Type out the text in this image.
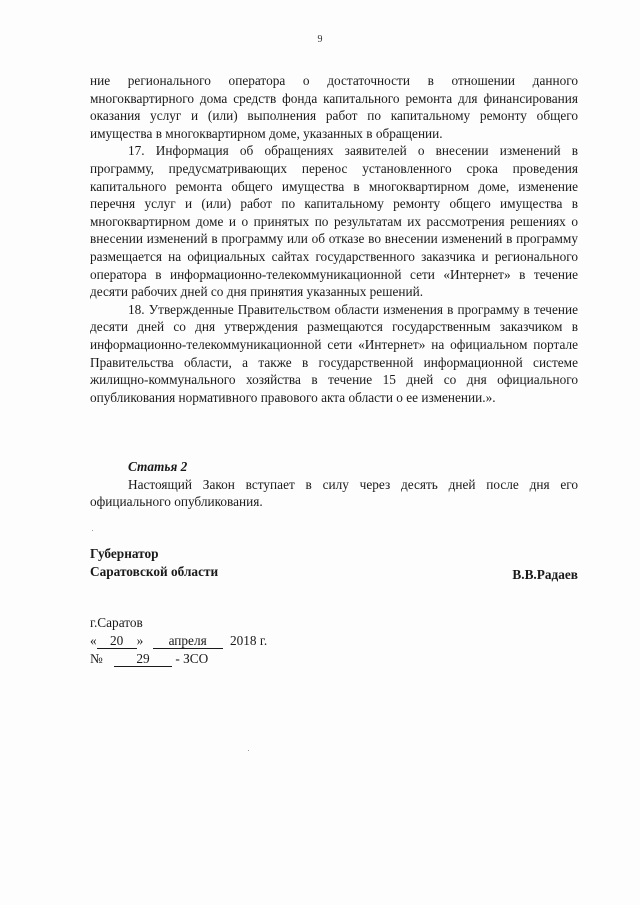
9

ние регионального оператора о достаточности в отношении данного многоквартирного дома средств фонда капитального ремонта для финансирования оказания услуг и (или) выполнения работ по капитальному ремонту общего имущества в многоквартирном доме, указанных в обращении.

17. Информация об обращениях заявителей о внесении изменений в программу, предусматривающих перенос установленного срока проведения капитального ремонта общего имущества в многоквартирном доме, изменение перечня услуг и (или) работ по капитальному ремонту общего имущества в многоквартирном доме и о принятых по результатам их рассмотрения решениях о внесении изменений в программу или об отказе во внесении изменений в программу размещается на официальных сайтах государственного заказчика и регионального оператора в информационно-телекоммуникационной сети «Интернет» в течение десяти рабочих дней со дня принятия указанных решений.

18. Утвержденные Правительством области изменения в программу в течение десяти дней со дня утверждения размещаются государственным заказчиком в информационно-телекоммуникационной сети «Интернет» на официальном портале Правительства области, а также в государственной информационной системе жилищно-коммунального хозяйства в течение 15 дней со дня официального опубликования нормативного правового акта области о ее изменении.».

Статья 2

Настоящий Закон вступает в силу через десять дней после дня его официального опубликования.

Губернатор
Саратовской области	В.В.Радаев
г.Саратов
« 20 » апреля 2018 г.
№	29 - ЗСО
